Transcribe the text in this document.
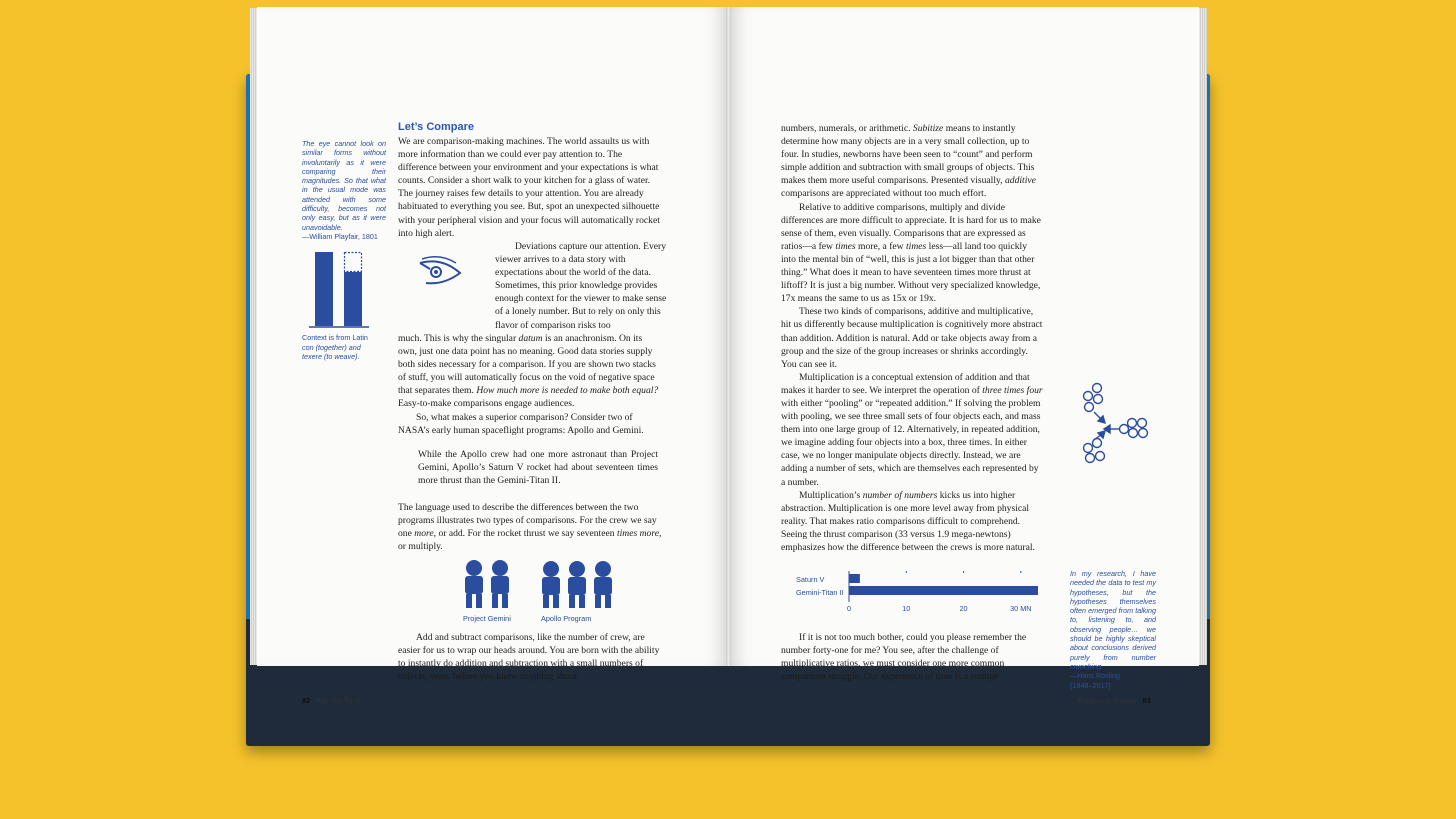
The eye cannot look on similar forms without involuntarily as it were comparing their magnitudes. So that what in the usual mode was attended with some difficulty, becomes not only easy, but as it were unavoidable.
—William Playfair, 1801
Context is from Latin
con (together) and
texere (to weave).
Let’s Compare

We are comparison-making machines. The world assaults us with more information than we could ever pay attention to. The difference between your environment and your expectations is what counts. Consider a short walk to your kitchen for a glass of water. The journey raises few details to your attention. You are already habituated to everything you see. But, spot an unexpected silhouette with your peripheral vision and your focus will automatically rocket into high alert.

Deviations capture our attention. Every viewer arrives to a data story with expectations about the world of the data. Sometimes, this prior knowledge provides enough context for the viewer to make sense of a lonely number. But to rely on only this flavor of comparison risks too

much. This is why the singular datum is an anachronism. On its own, just one data point has no meaning. Good data stories supply both sides necessary for a comparison. If you are shown two stacks of stuff, you will automatically focus on the void of negative space that separates them. How much more is needed to make both equal? Easy-to-make comparisons engage audiences.

So, what makes a superior comparison? Consider two of NASA’s early human spaceflight programs: Apollo and Gemini.

While the Apollo crew had one more astronaut than Project Gemini, Apollo’s Saturn V rocket had about seventeen times more thrust than the Gemini-Titan II.

The language used to describe the differences between the two programs illustrates two types of comparisons. For the crew we say one more, or add. For the rocket thrust we say seventeen times more, or multiply.

Project Gemini	Apollo Program

Add and subtract comparisons, like the number of crew, are easier for us to wrap our heads around. You are born with the ability to instantly do addition and subtraction with a small numbers of objects, years before you know anything about

82 Info We Trust

numbers, numerals, or arithmetic. Subitize means to instantly determine how many objects are in a very small collection, up to four. In studies, newborns have been seen to “count” and perform simple addition and subtraction with small groups of objects. This makes them more useful comparisons. Presented visually, additive comparisons are appreciated without too much effort.

Relative to additive comparisons, multiply and divide differences are more difficult to appreciate. It is hard for us to make sense of them, even visually. Comparisons that are expressed as ratios—a few times more, a few times less—all land too quickly into the mental bin of “well, this is just a lot bigger than that other thing.” What does it mean to have seventeen times more thrust at liftoff? It is just a big number. Without very specialized knowledge, 17x means the same to us as 15x or 19x.

These two kinds of comparisons, additive and multiplicative, hit us differently because multiplication is cognitively more abstract than addition. Addition is natural. Add or take objects away from a group and the size of the group increases or shrinks accordingly. You can see it.

Multiplication is a conceptual extension of addition and that makes it harder to see. We interpret the operation of three times four with either “pooling” or “repeated addition.” If solving the problem with pooling, we see three small sets of four objects each, and mass them into one large group of 12. Alternatively, in repeated addition, we imagine adding four objects into a box, three times. In either case, we no longer manipulate objects directly. Instead, we are adding a number of sets, which are themselves each represented by a number.

Multiplication’s number of numbers kicks us into higher abstraction. Multiplication is one more level away from physical reality. That makes ratio comparisons difficult to comprehend. Seeing the thrust comparison (33 versus 1.9 mega-newtons) emphasizes how the difference between the crews is more natural.

Saturn V
Gemini-Titan II
0	10	20	30 MN
In my research, I have needed the data to test my hypotheses, but the hypotheses themselves often emerged from talking to, listening to, and observing people… we should be highly skeptical about conclusions derived purely from number crunching.
—Hans Rosling
(1948–2017)

If it is not too much bother, could you please remember the number forty-one for me? You see, after the challenge of multiplicative ratios, we must consider one more common comparison struggle. Our experience of time is a strange

Explore to Create 83
